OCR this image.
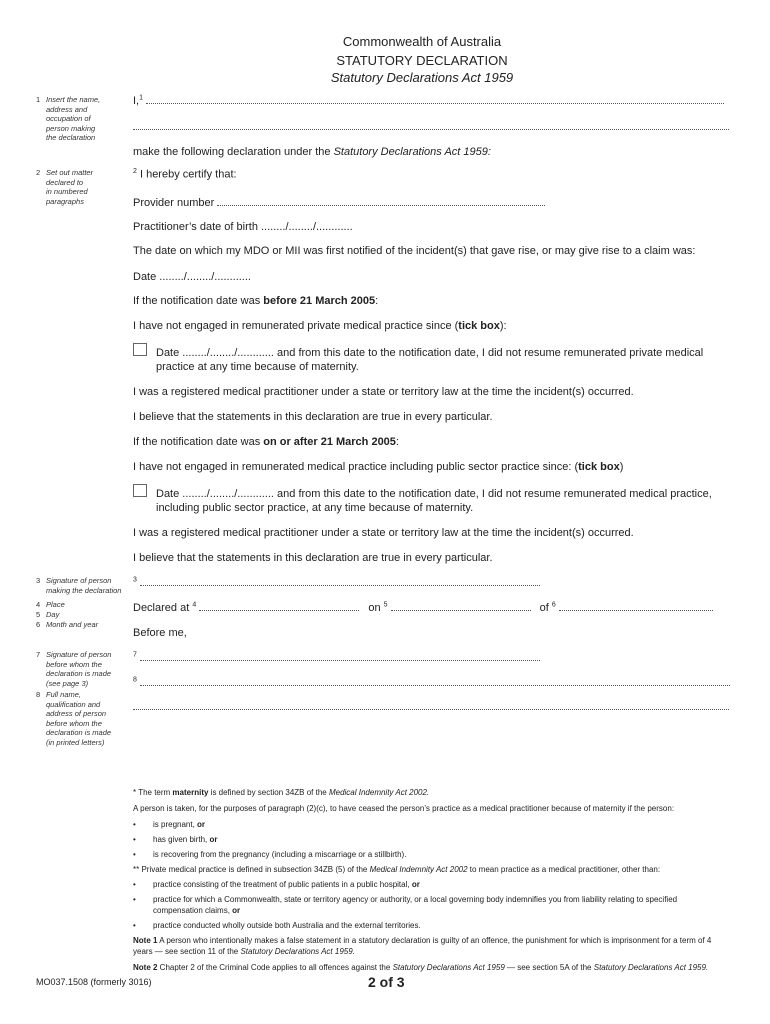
Commonwealth of Australia
STATUTORY DECLARATION
Statutory Declarations Act 1959
1 Insert the name,
address and
occupation of
person making
the declaration
2 Set out matter
declared to
in numbered
paragraphs
3 Signature of person
making the declaration
4 Place
5 Day
6 Month and year
7 Signature of person
before whom the
declaration is made
(see page 3)
8 Full name,
qualification and
address of person
before whom the
declaration is made
(in printed letters)
I,$^1$
make the following declaration under the Statutory Declarations Act 1959:
$^2$ I hereby certify that:
Provider number
Practitioner’s date of birth ......../......../............
The date on which my MDO or MII was first notified of the incident(s) that gave rise, or may give rise to a claim was:
Date ......../......../............
If the notification date was before 21 March 2005:
I have not engaged in remunerated private medical practice since (tick box):
Date ......../......../............ and from this date to the notification date, I did not resume remunerated private medical practice at any time because of maternity.
I was a registered medical practitioner under a state or territory law at the time the incident(s) occurred.
I believe that the statements in this declaration are true in every particular.
If the notification date was on or after 21 March 2005:
I have not engaged in remunerated medical practice including public sector practice since: (tick box)
Date ......../......../............ and from this date to the notification date, I did not resume remunerated medical practice, including public sector practice, at any time because of maternity.
I was a registered medical practitioner under a state or territory law at the time the incident(s) occurred.
I believe that the statements in this declaration are true in every particular.
$^3$
Declared at $^4$	on $^5$	of $^6$
Before me,
$^7$
$^8$
* The term maternity is defined by section 34ZB of the Medical Indemnity Act 2002.
A person is taken, for the purposes of paragraph (2)(c), to have ceased the person’s practice as a medical practitioner because of maternity if the person:
• is pregnant, or
• has given birth, or
• is recovering from the pregnancy (including a miscarriage or a stillbirth).
** Private medical practice is defined in subsection 34ZB (5) of the Medical Indemnity Act 2002 to mean practice as a medical practitioner, other than:
• practice consisting of the treatment of public patients in a public hospital, or
• practice for which a Commonwealth, state or territory agency or authority, or a local governing body indemnifies you from liability relating to specified compensation claims, or
• practice conducted wholly outside both Australia and the external territories.
Note 1 A person who intentionally makes a false statement in a statutory declaration is guilty of an offence, the punishment for which is imprisonment for a term of 4 years — see section 11 of the Statutory Declarations Act 1959.
Note 2 Chapter 2 of the Criminal Code applies to all offences against the Statutory Declarations Act 1959 — see section 5A of the Statutory Declarations Act 1959.
MO037.1508 (formerly 3016)	2 of 3
